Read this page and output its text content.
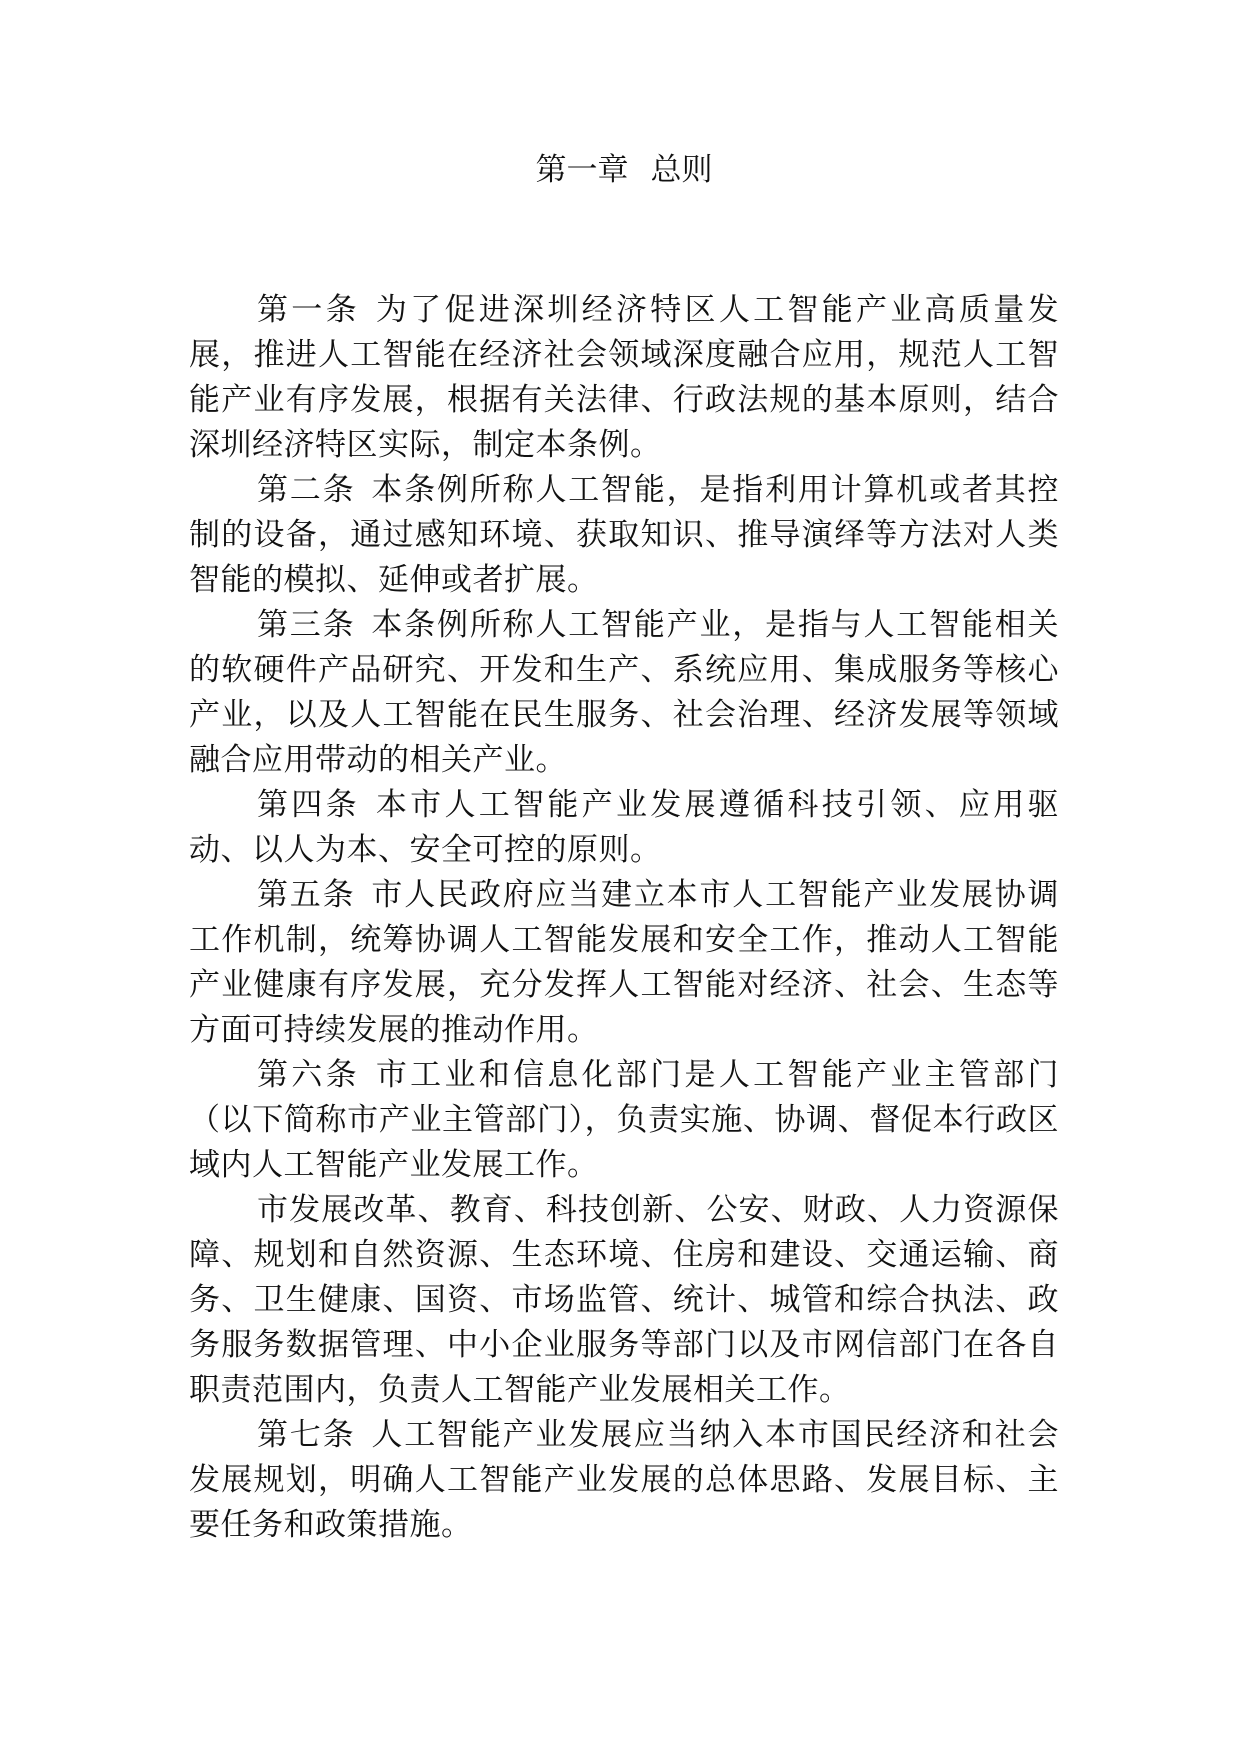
第一章 总则

第一条 为了促进深圳经济特区人工智能产业高质量发展，推进人工智能在经济社会领域深度融合应用，规范人工智能产业有序发展，根据有关法律、行政法规的基本原则，结合深圳经济特区实际，制定本条例。

第二条 本条例所称人工智能，是指利用计算机或者其控制的设备，通过感知环境、获取知识、推导演绎等方法对人类智能的模拟、延伸或者扩展。

第三条 本条例所称人工智能产业，是指与人工智能相关的软硬件产品研究、开发和生产、系统应用、集成服务等核心产业，以及人工智能在民生服务、社会治理、经济发展等领域融合应用带动的相关产业。

第四条 本市人工智能产业发展遵循科技引领、应用驱动、以人为本、安全可控的原则。

第五条 市人民政府应当建立本市人工智能产业发展协调工作机制，统筹协调人工智能发展和安全工作，推动人工智能产业健康有序发展，充分发挥人工智能对经济、社会、生态等方面可持续发展的推动作用。

第六条 市工业和信息化部门是人工智能产业主管部门（以下简称市产业主管部门），负责实施、协调、督促本行政区域内人工智能产业发展工作。

市发展改革、教育、科技创新、公安、财政、人力资源保障、规划和自然资源、生态环境、住房和建设、交通运输、商务、卫生健康、国资、市场监管、统计、城管和综合执法、政务服务数据管理、中小企业服务等部门以及市网信部门在各自职责范围内，负责人工智能产业发展相关工作。

第七条 人工智能产业发展应当纳入本市国民经济和社会发展规划，明确人工智能产业发展的总体思路、发展目标、主要任务和政策措施。
